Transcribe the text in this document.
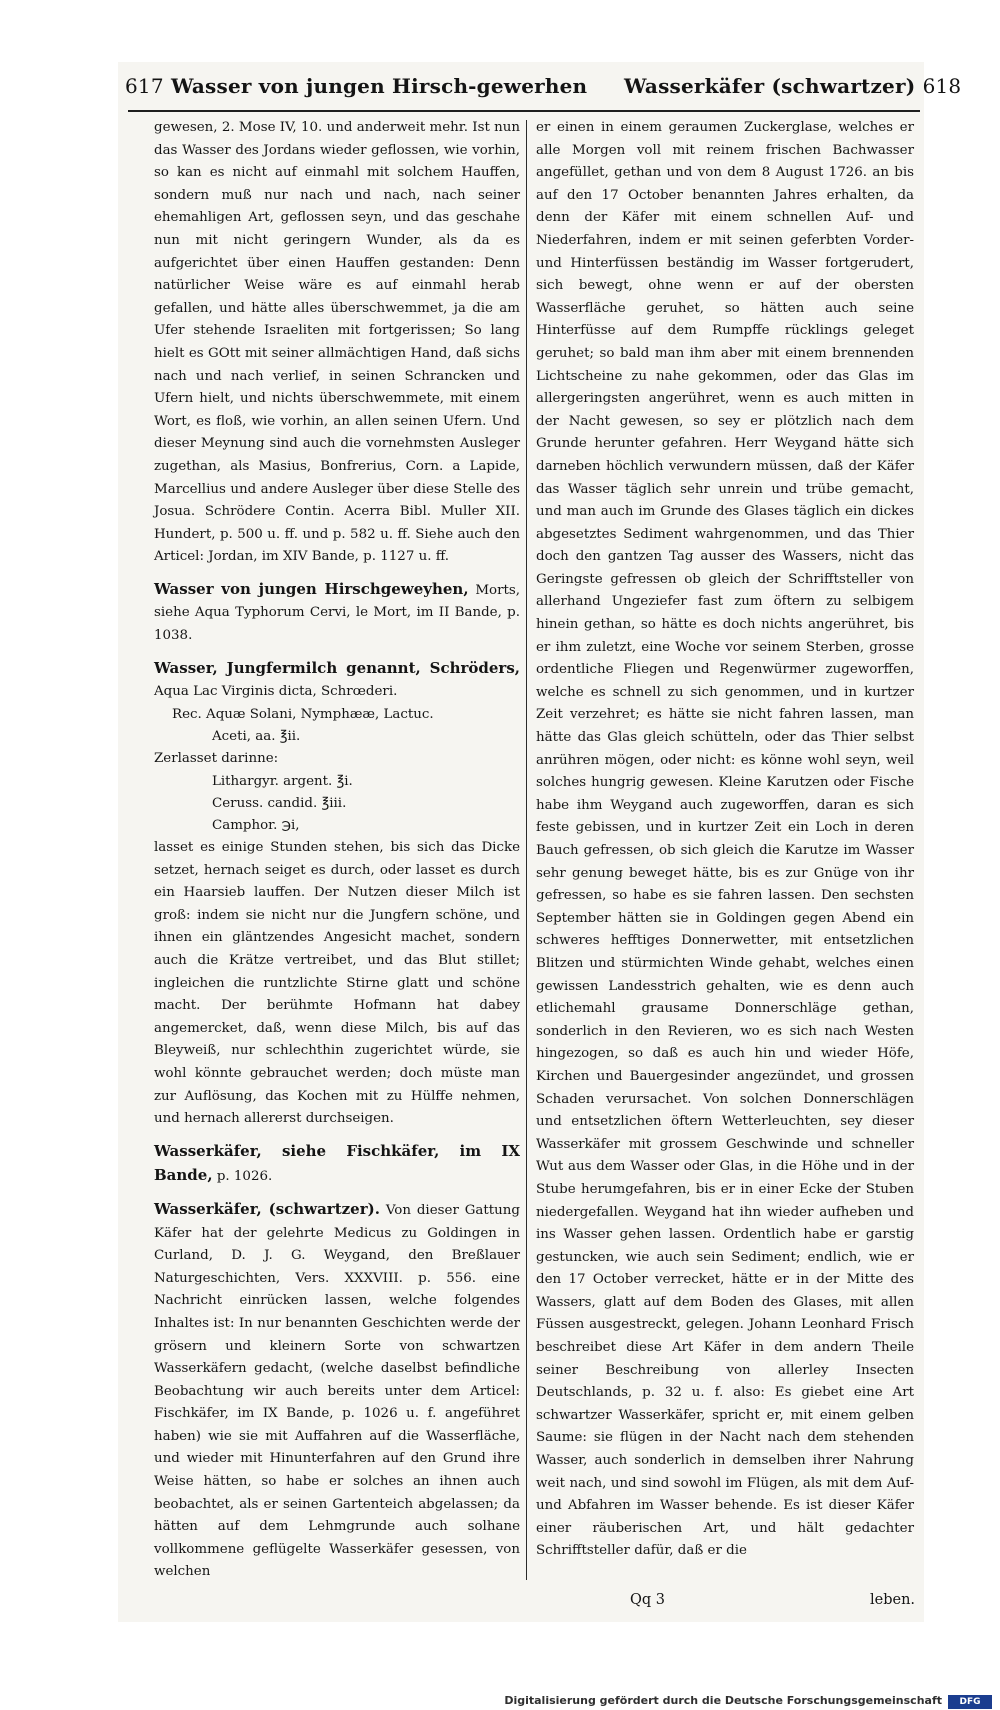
617 Wasser von jungen Hirsch-gewerhen Wasserkäfer (schwartzer) 618

gewesen, 2. Mose IV, 10. und anderweit mehr. Ist nun das Wasser des Jordans wieder geflossen, wie vorhin, so kan es nicht auf einmahl mit solchem Hauffen, sondern muß nur nach und nach, nach seiner ehemahligen Art, geflossen seyn, und das geschahe nun mit nicht geringern Wunder, als da es aufgerichtet über einen Hauffen gestanden: Denn natürlicher Weise wäre es auf einmahl herab gefallen, und hätte alles überschwemmet, ja die am Ufer stehende Israeliten mit fortgerissen; So lang hielt es GOtt mit seiner allmächtigen Hand, daß sichs nach und nach verlief, in seinen Schrancken und Ufern hielt, und nichts überschwemmete, mit einem Wort, es floß, wie vorhin, an allen seinen Ufern. Und dieser Meynung sind auch die vornehmsten Ausleger zugethan, als Masius, Bonfrerius, Corn. a Lapide, Marcellius und andere Ausleger über diese Stelle des Josua. Schrödere Contin. Acerra Bibl. Muller XII. Hundert, p. 500 u. ff. und p. 582 u. ff. Siehe auch den Articel: Jordan, im XIV Bande, p. 1127 u. ff.

Wasser von jungen Hirschgeweyhen, Morts, siehe Aqua Typhorum Cervi, le Mort, im II Bande, p. 1038.

Wasser, Jungfermilch genannt, Schröders, Aqua Lac Virginis dicta, Schrœderi.

Rec. Aquæ Solani, Nymphææ, Lactuc.

Aceti, aa. ℥ii.

Zerlasset darinne:

Lithargyr. argent. ℥i.

Ceruss. candid. ℥iii.

Camphor. ℈i,

lasset es einige Stunden stehen, bis sich das Dicke setzet, hernach seiget es durch, oder lasset es durch ein Haarsieb lauffen. Der Nutzen dieser Milch ist groß: indem sie nicht nur die Jungfern schöne, und ihnen ein gläntzendes Angesicht machet, sondern auch die Krätze vertreibet, und das Blut stillet; ingleichen die runtzlichte Stirne glatt und schöne macht. Der berühmte Hofmann hat dabey angemercket, daß, wenn diese Milch, bis auf das Bleyweiß, nur schlechthin zugerichtet würde, sie wohl könnte gebrauchet werden; doch müste man zur Auflösung, das Kochen mit zu Hülffe nehmen, und hernach allererst durchseigen.

Wasserkäfer, siehe Fischkäfer, im IX Bande, p. 1026.

Wasserkäfer, (schwartzer). Von dieser Gattung Käfer hat der gelehrte Medicus zu Goldingen in Curland, D. J. G. Weygand, den Breßlauer Naturgeschichten, Vers. XXXVIII. p. 556. eine Nachricht einrücken lassen, welche folgendes Inhaltes ist: In nur benannten Geschichten werde der grösern und kleinern Sorte von schwartzen Wasserkäfern gedacht, (welche daselbst befindliche Beobachtung wir auch bereits unter dem Articel: Fischkäfer, im IX Bande, p. 1026 u. f. angeführet haben) wie sie mit Auffahren auf die Wasserfläche, und wieder mit Hinunterfahren auf den Grund ihre Weise hätten, so habe er solches an ihnen auch beobachtet, als er seinen Gartenteich abgelassen; da hätten auf dem Lehmgrunde auch solhane vollkommene geflügelte Wasserkäfer gesessen, von welchen

er einen in einem geraumen Zuckerglase, welches er alle Morgen voll mit reinem frischen Bachwasser angefüllet, gethan und von dem 8 August 1726. an bis auf den 17 October benannten Jahres erhalten, da denn der Käfer mit einem schnellen Auf- und Niederfahren, indem er mit seinen geferbten Vorder- und Hinterfüssen beständig im Wasser fortgerudert, sich bewegt, ohne wenn er auf der obersten Wasserfläche geruhet, so hätten auch seine Hinterfüsse auf dem Rumpffe rücklings geleget geruhet; so bald man ihm aber mit einem brennenden Lichtscheine zu nahe gekommen, oder das Glas im allergeringsten angerühret, wenn es auch mitten in der Nacht gewesen, so sey er plötzlich nach dem Grunde herunter gefahren. Herr Weygand hätte sich darneben höchlich verwundern müssen, daß der Käfer das Wasser täglich sehr unrein und trübe gemacht, und man auch im Grunde des Glases täglich ein dickes abgesetztes Sediment wahrgenommen, und das Thier doch den gantzen Tag ausser des Wassers, nicht das Geringste gefressen ob gleich der Schrifftsteller von allerhand Ungeziefer fast zum öftern zu selbigem hinein gethan, so hätte es doch nichts angerühret, bis er ihm zuletzt, eine Woche vor seinem Sterben, grosse ordentliche Fliegen und Regenwürmer zugeworffen, welche es schnell zu sich genommen, und in kurtzer Zeit verzehret; es hätte sie nicht fahren lassen, man hätte das Glas gleich schütteln, oder das Thier selbst anrühren mögen, oder nicht: es könne wohl seyn, weil solches hungrig gewesen. Kleine Karutzen oder Fische habe ihm Weygand auch zugeworffen, daran es sich feste gebissen, und in kurtzer Zeit ein Loch in deren Bauch gefressen, ob sich gleich die Karutze im Wasser sehr genung beweget hätte, bis es zur Gnüge von ihr gefressen, so habe es sie fahren lassen. Den sechsten September hätten sie in Goldingen gegen Abend ein schweres hefftiges Donnerwetter, mit entsetzlichen Blitzen und stürmichten Winde gehabt, welches einen gewissen Landesstrich gehalten, wie es denn auch etlichemahl grausame Donnerschläge gethan, sonderlich in den Revieren, wo es sich nach Westen hingezogen, so daß es auch hin und wieder Höfe, Kirchen und Bauergesinder angezündet, und grossen Schaden verursachet. Von solchen Donnerschlägen und entsetzlichen öftern Wetterleuchten, sey dieser Wasserkäfer mit grossem Geschwinde und schneller Wut aus dem Wasser oder Glas, in die Höhe und in der Stube herumgefahren, bis er in einer Ecke der Stuben niedergefallen. Weygand hat ihn wieder aufheben und ins Wasser gehen lassen. Ordentlich habe er garstig gestuncken, wie auch sein Sediment; endlich, wie er den 17 October verrecket, hätte er in der Mitte des Wassers, glatt auf dem Boden des Glases, mit allen Füssen ausgestreckt, gelegen. Johann Leonhard Frisch beschreibet diese Art Käfer in dem andern Theile seiner Beschreibung von allerley Insecten Deutschlands, p. 32 u. f. also: Es giebet eine Art schwartzer Wasserkäfer, spricht er, mit einem gelben Saume: sie flügen in der Nacht nach dem stehenden Wasser, auch sonderlich in demselben ihrer Nahrung weit nach, und sind sowohl im Flügen, als mit dem Auf- und Abfahren im Wasser behende. Es ist dieser Käfer einer räuberischen Art, und hält gedachter Schrifftsteller dafür, daß er die

Qq 3	leben.
Digitalisierung gefördert durch die Deutsche Forschungsgemeinschaft	DFG
